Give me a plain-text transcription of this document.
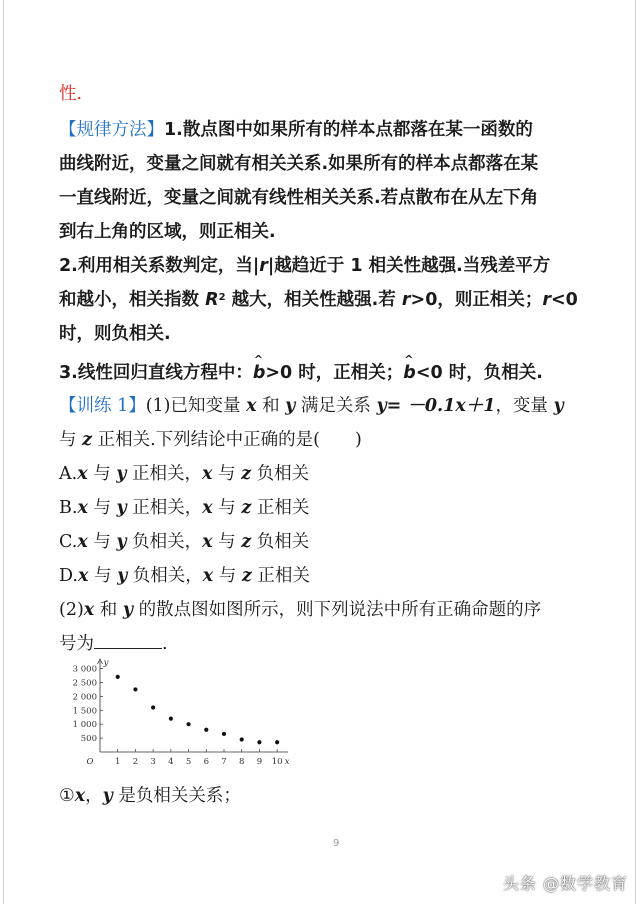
性.
【规律方法】1.散点图中如果所有的样本点都落在某一函数的
曲线附近，变量之间就有相关关系.如果所有的样本点都落在某
一直线附近，变量之间就有线性相关关系.若点散布在从左下角
到右上角的区域，则正相关.
2.利用相关系数判定，当|r|越趋近于 1 相关性越强.当残差平方
和越小，相关指数 $R^2$ 越大，相关性越强.若 r>0，则正相关；r<0
时，则负相关.
3.线性回归直线方程中：^ b>0 时，正相关；^ b<0 时，负相关.
【训练 1】(1)已知变量 x 和 y 满足关系 y= －0.1x＋1，变量 y
与 z 正相关.下列结论中正确的是(　　)
A.x 与 y 正相关，x 与 z 负相关
B.x 与 y 正相关，x 与 z 正相关
C.x 与 y 负相关，x 与 z 负相关
D.x 与 y 负相关，x 与 z 正相关
(2)x 和 y 的散点图如图所示，则下列说法中所有正确命题的序
号为	.
y
O
3 000
2 500
2 000
1 500
1 000
500
1 2 3 4 5 6 7 8 9 10 x
①x，y 是负相关关系；
9
头条 @数学教育
